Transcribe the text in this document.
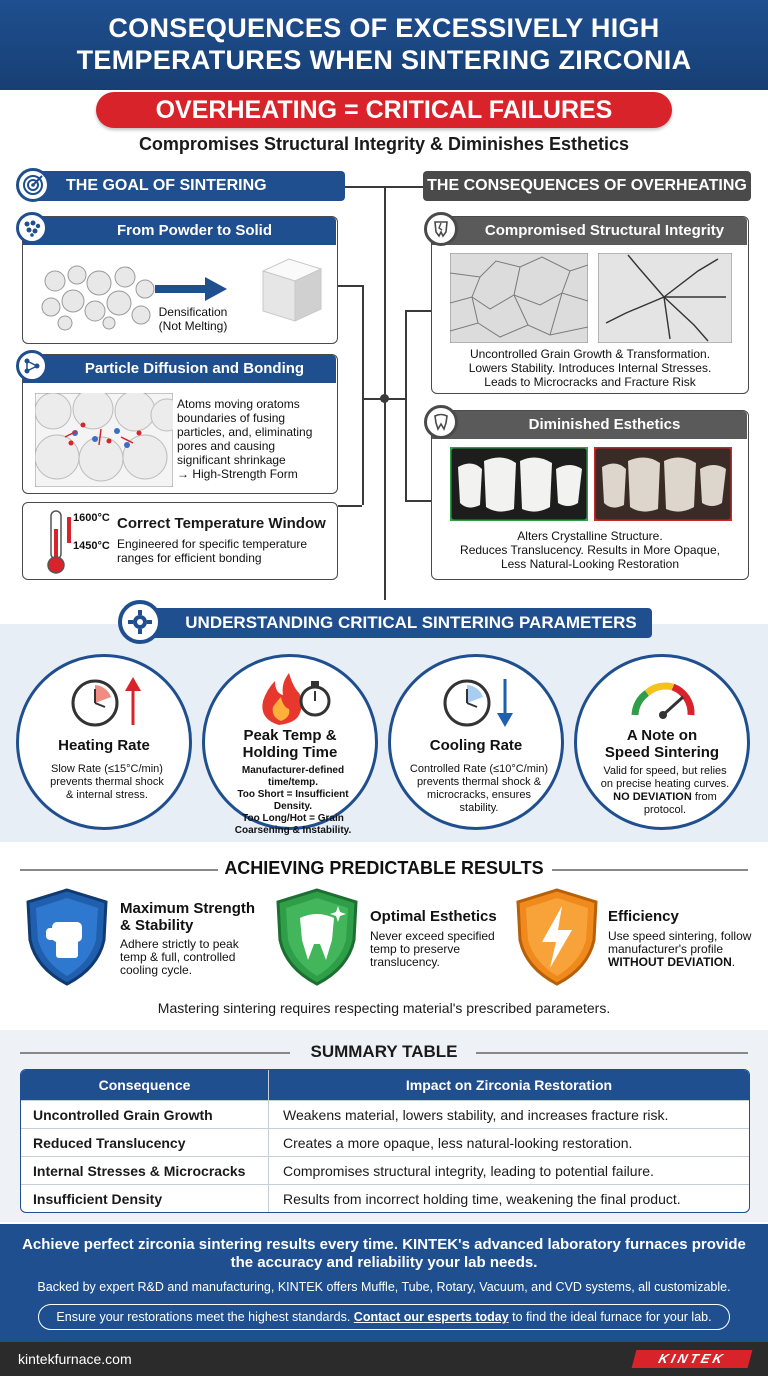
CONSEQUENCES OF EXCESSIVELY HIGH
TEMPERATURES WHEN SINTERING ZIRCONIA
OVERHEATING = CRITICAL FAILURES
Compromises Structural Integrity & Diminishes Esthetics
THE GOAL OF SINTERING
From Powder to Solid
Densification
(Not Melting)
Particle Diffusion and Bonding
Atoms moving oratoms
boundaries of fusing
particles, and, eliminating
pores and causing
significant shrinkage
→ High-Strength Form
1600°C
1450°C
Correct Temperature Window
Engineered for specific temperature
ranges for efficient bonding
THE CONSEQUENCES OF OVERHEATING
Compromised Structural Integrity
Uncontrolled Grain Growth & Transformation.
Lowers Stability. Introduces Internal Stresses.
Leads to Microcracks and Fracture Risk
Diminished Esthetics
Alters Crystalline Structure.
Reduces Translucency. Results in More Opaque,
Less Natural-Looking Restoration
UNDERSTANDING CRITICAL SINTERING PARAMETERS
Heating Rate
Slow Rate (≤15°C/min)
prevents thermal shock
& internal stress.
Peak Temp &
Holding Time
Manufacturer-defined time/temp.
Too Short = Insufficient Density.
Too Long/Hot = Grain
Coarsening & Instability.
Cooling Rate
Controlled Rate (≤10°C/min)
prevents thermal shock &
microcracks, ensures
stability.
A Note on
Speed Sintering
Valid for speed, but relies
on precise heating curves.
NO DEVIATION from
protocol.
ACHIEVING PREDICTABLE RESULTS
Maximum Strength
& Stability
Adhere strictly to peak
temp & full, controlled
cooling cycle.
Optimal Esthetics
Never exceed specified
temp to preserve
translucency.
Efficiency
Use speed sintering, follow
manufacturer's profile
WITHOUT DEVIATION.
Mastering sintering requires respecting material's prescribed parameters.
SUMMARY TABLE
Consequence	Impact on Zirconia Restoration
Uncontrolled Grain Growth	Weakens material, lowers stability, and increases fracture risk.
Reduced Translucency	Creates a more opaque, less natural-looking restoration.
Internal Stresses & Microcracks	Compromises structural integrity, leading to potential failure.
Insufficient Density	Results from incorrect holding time, weakening the final product.
Achieve perfect zirconia sintering results every time. KINTEK's advanced laboratory furnaces provide
the accuracy and reliability your lab needs.
Backed by expert R&D and manufacturing, KINTEK offers Muffle, Tube, Rotary, Vacuum, and CVD systems, all customizable.
Ensure your restorations meet the highest standards. Contact our esperts today to find the ideal furnace for your lab.
kintekfurnace.com	KINTEK
